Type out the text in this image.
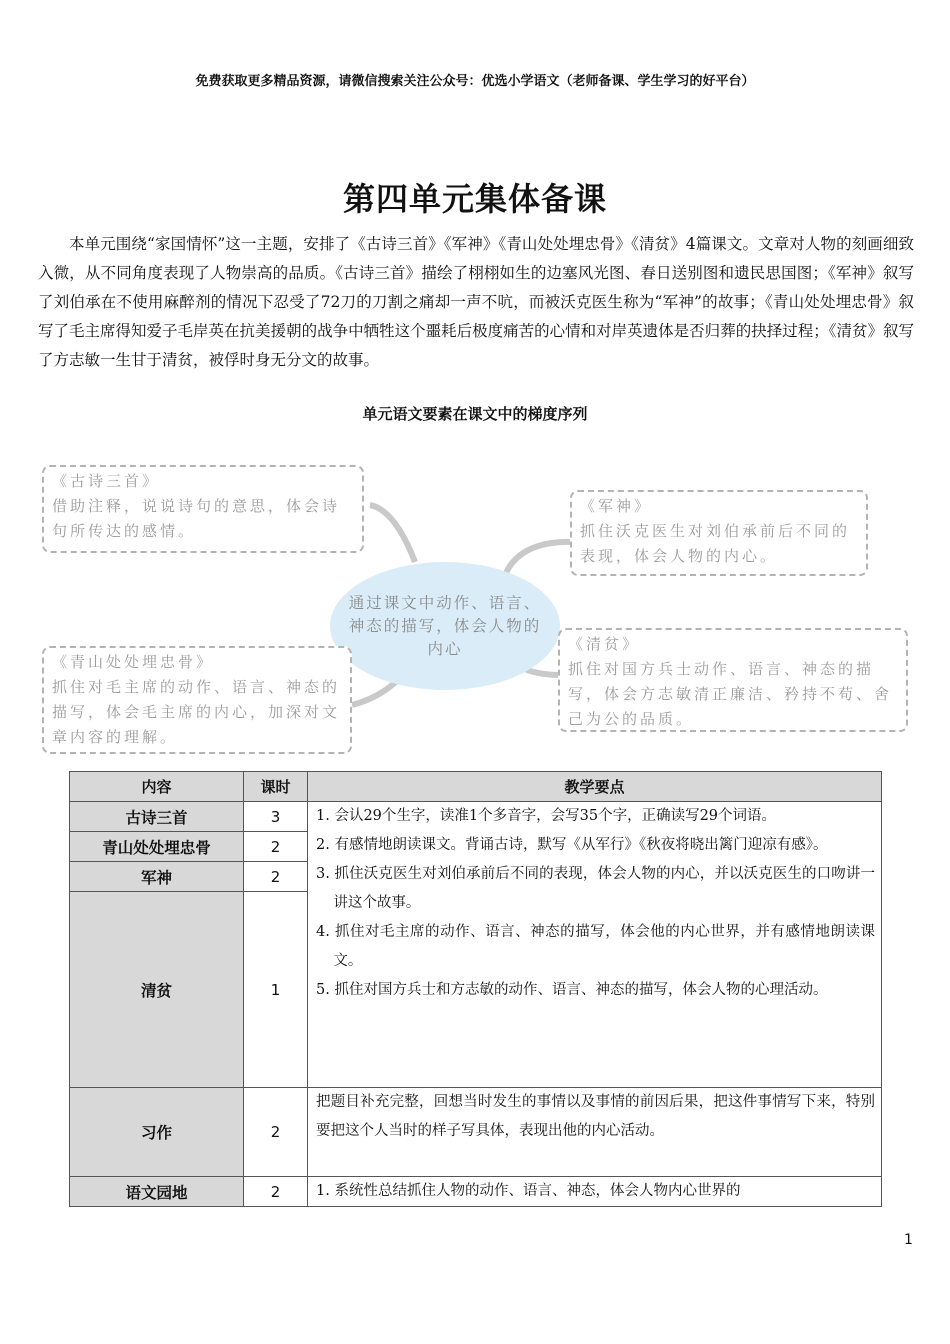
免费获取更多精品资源，请微信搜索关注公众号：优选小学语文（老师备课、学生学习的好平台）
第四单元集体备课

本单元围绕“家国情怀”这一主题，安排了《古诗三首》《军神》《青山处处埋忠骨》《清贫》4篇课文。文章对人物的刻画细致入微，从不同角度表现了人物崇高的品质。《古诗三首》描绘了栩栩如生的边塞风光图、春日送别图和遗民思国图；《军神》叙写了刘伯承在不使用麻醉剂的情况下忍受了72刀的刀割之痛却一声不吭，而被沃克医生称为“军神”的故事；《青山处处埋忠骨》叙写了毛主席得知爱子毛岸英在抗美援朝的战争中牺牲这个噩耗后极度痛苦的心情和对岸英遗体是否归葬的抉择过程；《清贫》叙写了方志敏一生甘于清贫，被俘时身无分文的故事。

单元语文要素在课文中的梯度序列
通过课文中动作、语言、神态的描写，体会人物的内心
《古诗三首》
借助注释，说说诗句的意思，体会诗句所传达的感情。
《军神》
抓住沃克医生对刘伯承前后不同的表现，体会人物的内心。
《青山处处埋忠骨》
抓住对毛主席的动作、语言、神态的描写，体会毛主席的内心，加深对文章内容的理解。
《清贫》
抓住对国方兵士动作、语言、神态的描写，体会方志敏清正廉洁、矜持不苟、舍己为公的品质。
内容	课时	教学要点
古诗三首	3	1. 会认29个生字，读准1个多音字，会写35个字，正确读写29个词语。
2. 有感情地朗读课文。背诵古诗，默写《从军行》《秋夜将晓出篱门迎凉有感》。
3. 抓住沃克医生对刘伯承前后不同的表现，体会人物的内心，并以沃克医生的口吻讲一讲这个故事。
4. 抓住对毛主席的动作、语言、神态的描写，体会他的内心世界，并有感情地朗读课文。
5. 抓住对国方兵士和方志敏的动作、语言、神态的描写，体会人物的心理活动。

青山处处埋忠骨	2	
军神	2	
清贫	1	
习作	2	把题目补充完整，回想当时发生的事情以及事情的前因后果，把这件事情写下来，特别要把这个人当时的样子写具体，表现出他的内心活动。

语文园地	2	1. 系统性总结抓住人物的动作、语言、神态，体会人物内心世界的
1
